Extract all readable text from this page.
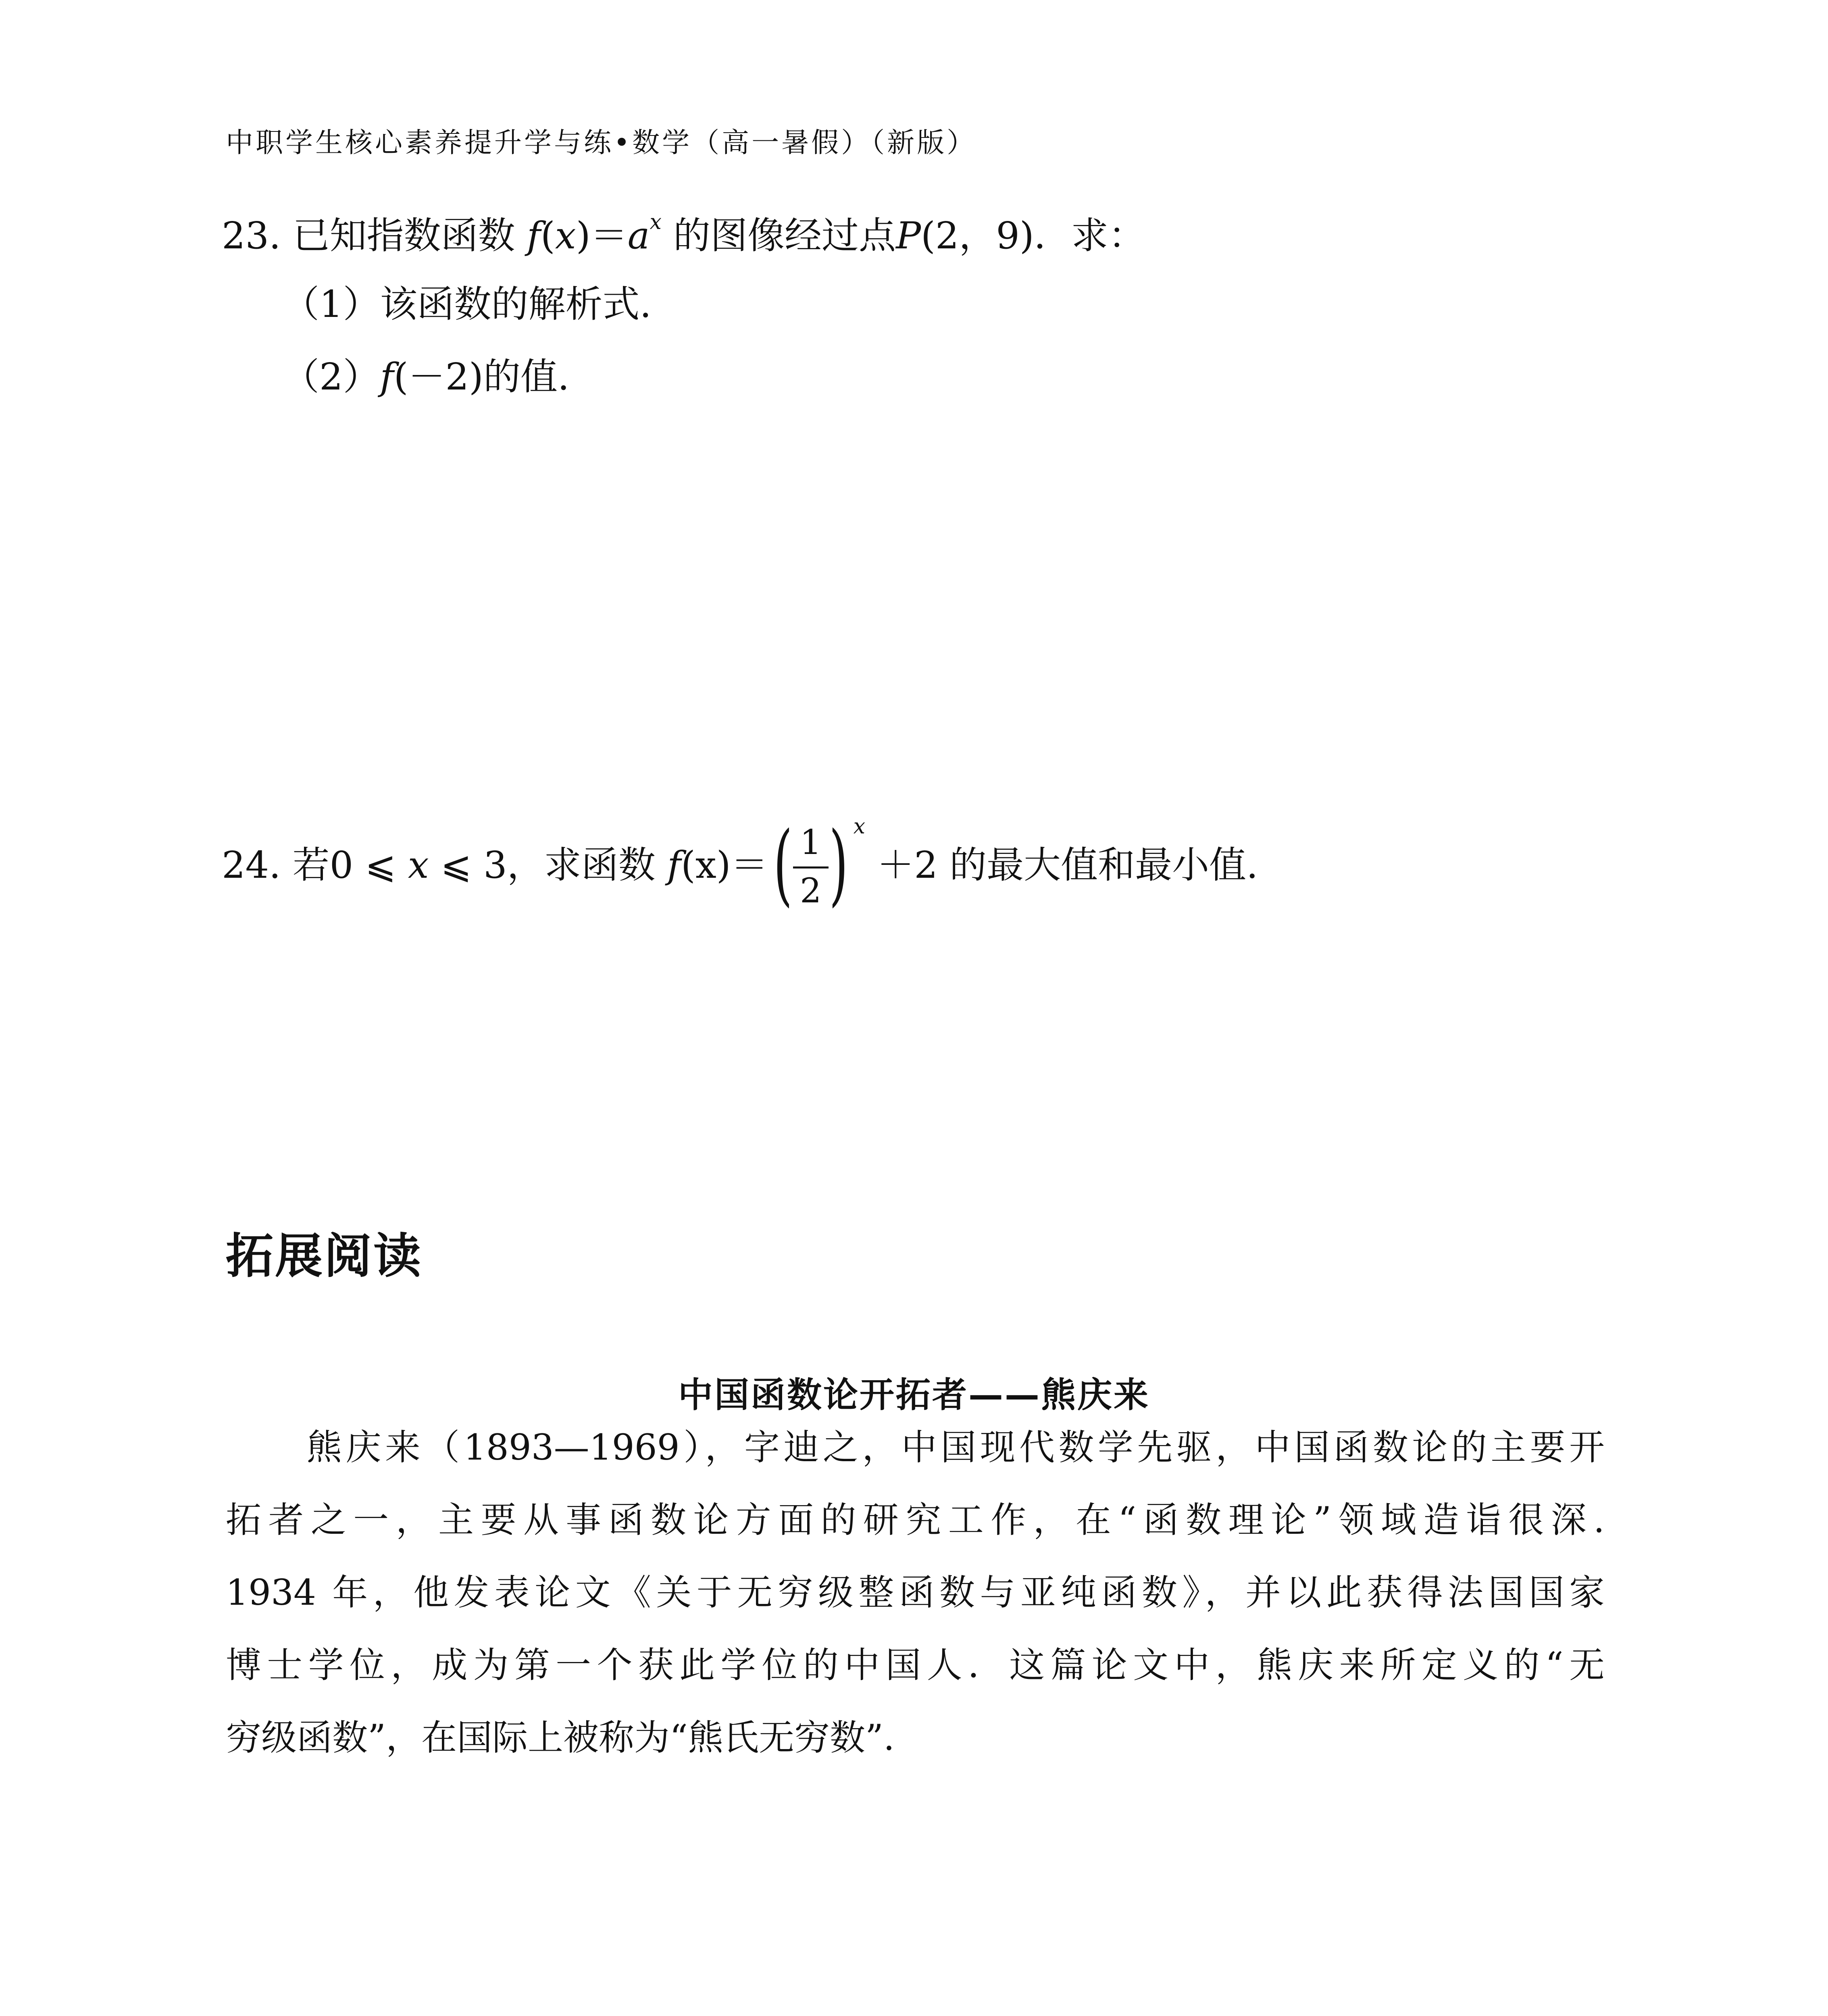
中职学生核心素养提升学与练•数学（高一暑假）（新版）
23. 已知指数函数 $f(x)=a^x$ 的图像经过点P(2，9)．求：
（1）该函数的解析式.
（2）f(－2)的值.
24. 若0 ⩽ x ⩽ 3，求函数 f(x)＝ ( 1
2 ) $^x$ ＋2 的最大值和最小值.
拓展阅读
中国函数论开拓者——熊庆来
熊庆来（1893—1969），字迪之，中国现代数学先驱，中国函数论的主要开
拓者之一，主要从事函数论方面的研究工作，在“函数理论”领域造诣很深.
1934 年，他发表论文《关于无穷级整函数与亚纯函数》，并以此获得法国国家
博士学位，成为第一个获此学位的中国人．这篇论文中，熊庆来所定义的“无
穷级函数”，在国际上被称为“熊氏无穷数”.
